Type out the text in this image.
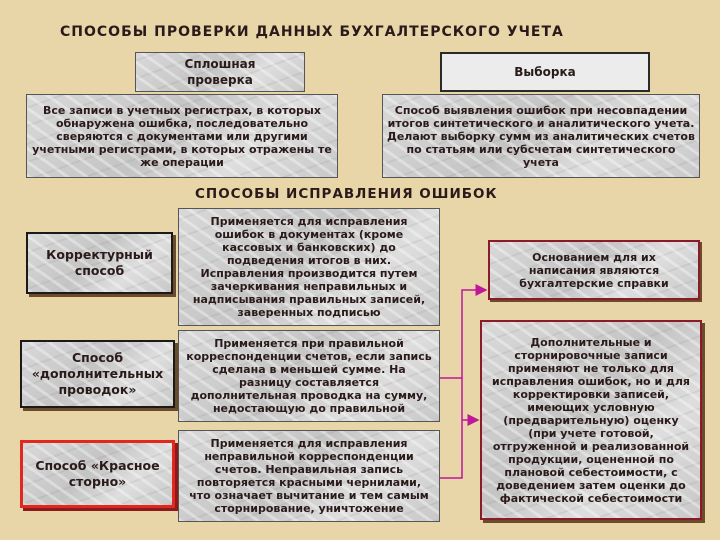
СПОСОБЫ ПРОВЕРКИ ДАННЫХ БУХГАЛТЕРСКОГО УЧЕТА
Сплошная проверка
Все записи в учетных регистрах, в которых обнаружена ошибка, последовательно сверяются с документами или другими учетными регистрами, в которых отражены те же операции
Выборка
Способ выявления ошибок при несовпадении итогов синтетического и аналитического учета. Делают выборку сумм из аналитических счетов по статьям или субсчетам синтетического учета
СПОСОБЫ ИСПРАВЛЕНИЯ ОШИБОК
Корректурный способ
Применяется для исправления ошибок в документах (кроме кассовых и банковских) до подведения итогов в них. Исправления производится путем зачеркивания неправильных и надписывания правильных записей, заверенных подписью
Способ «дополнительных проводок»
Применяется при правильной корреспонденции счетов, если запись сделана в меньшей сумме. На разницу составляется дополнительная проводка на сумму, недостающую до правильной
Способ «Красное сторно»
Применяется для исправления неправильной корреспонденции счетов. Неправильная запись повторяется красными чернилами, что означает вычитание и тем самым сторнирование, уничтожение
Основанием для их написания являются бухгалтерские справки
Дополнительные и сторнировочные записи применяют не только для исправления ошибок, но и для корректировки записей, имеющих условную (предварительную) оценку (при учете готовой, отгруженной и реализованной продукции, оцененной по плановой себестоимости, с доведением затем оценки до фактической себестоимости
